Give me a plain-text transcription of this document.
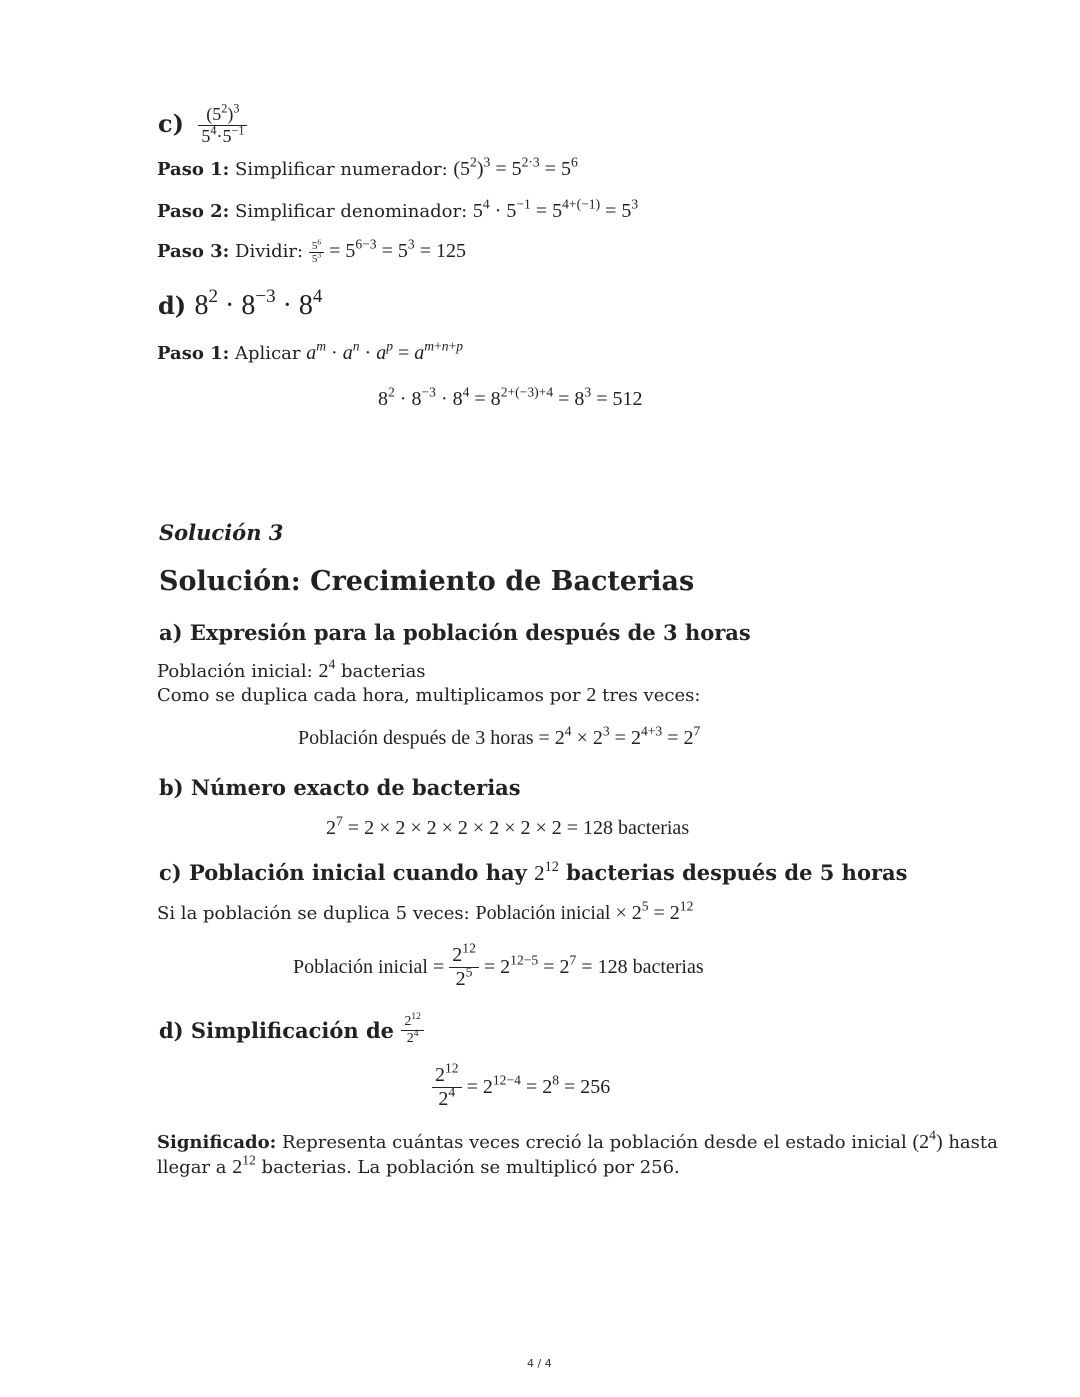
$c) \frac{(5^2)^3}{5^4\cdot 5^{-1}}$
Paso 1: Simplificar numerador: $(5^2)^3 = 5^{2\cdot 3} = 5^6$
Paso 2: Simplificar denominador: $5^4 \cdot 5^{-1} = 5^{4+(-1)} = 5^3$
Paso 3: Dividir: $\frac{5^6}{5^3} = 5^{6-3} = 5^3 = 125$
d) $8^2 \cdot 8^{-3} \cdot 8^4$
Paso 1: Aplicar $a^m \cdot a^n \cdot a^p = a^{m+n+p}$
$8^2 \cdot 8^{-3} \cdot 8^4 = 8^{2+(-3)+4} = 8^3 = 512$
Solución 3
Solución: Crecimiento de Bacterias
a) Expresión para la población después de 3 horas
Población inicial: $2^4$ bacterias
Como se duplica cada hora, multiplicamos por 2 tres veces:
Población después de 3 horas = $2^4 \times 2^3 = 2^{4+3} = 2^7$
b) Número exacto de bacterias
$2^7 = 2 \times 2 \times 2 \times 2 \times 2 \times 2 \times 2 = 128$ bacterias
c) Población inicial cuando hay $2^{12}$ bacterias después de 5 horas
Si la población se duplica 5 veces: Población inicial × $2^5 = 2^{12}$
Población inicial = $\frac{2^{12}}{2^5} = 2^{12-5} = 2^7 = 128$ bacterias
d) Simplificación de $\frac{2^{12}}{2^4}$
$\frac{2^{12}}{2^4} = 2^{12-4} = 2^8 = 256$
Significado: Representa cuántas veces creció la población desde el estado inicial $(2^4)$ hasta
llegar a $2^{12}$ bacterias. La población se multiplicó por 256.
4 / 4
